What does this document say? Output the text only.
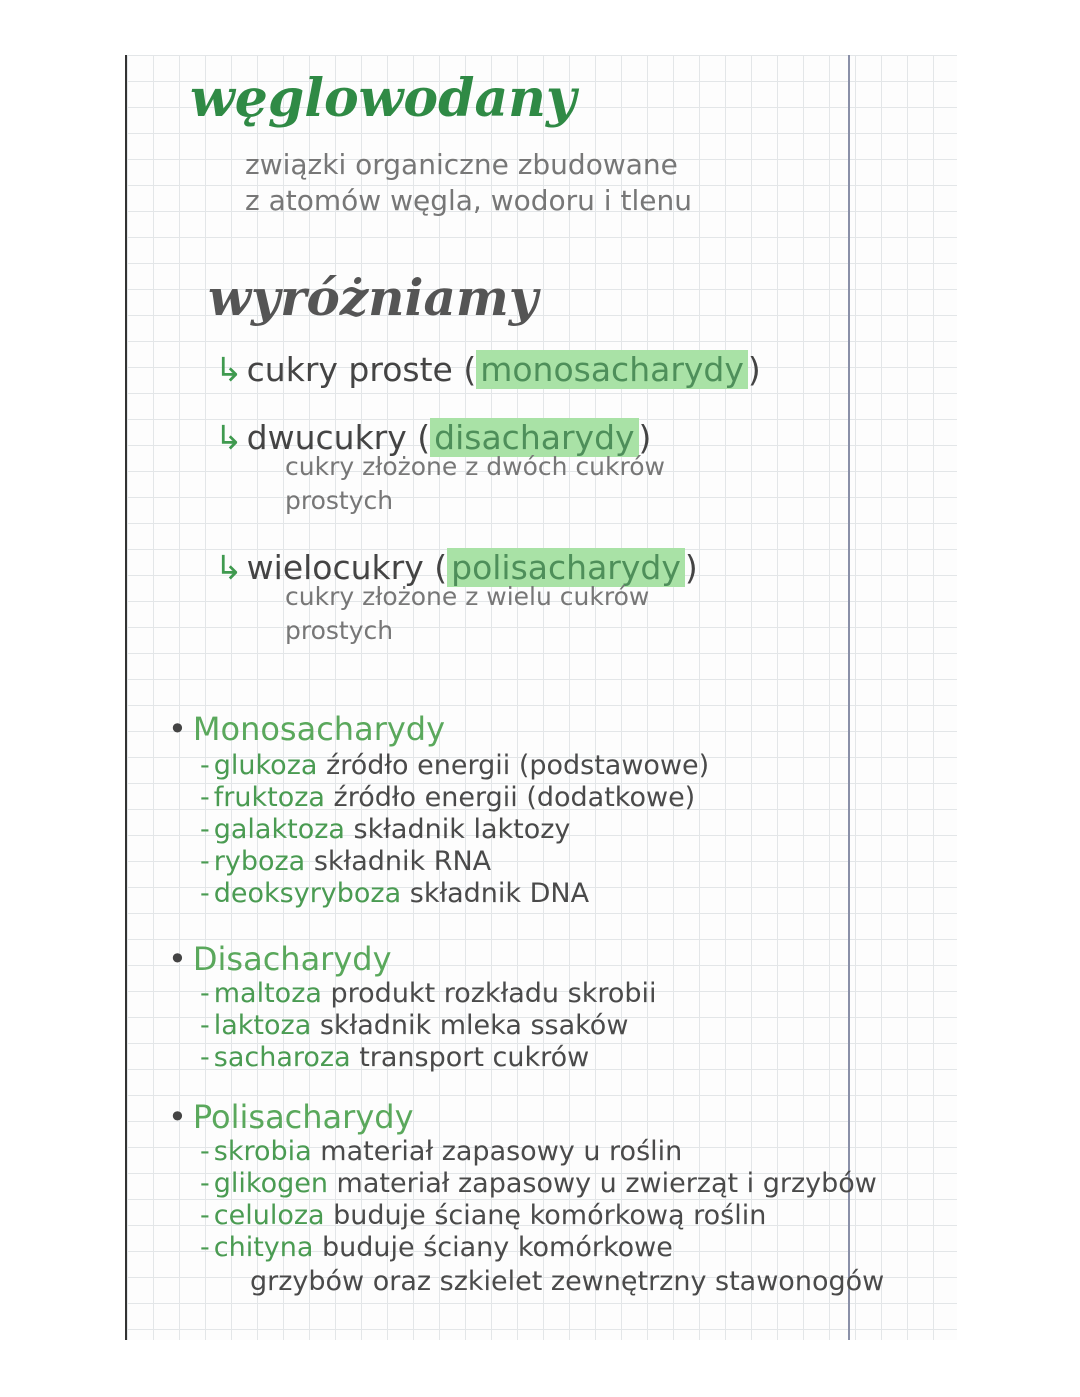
węglowodany
związki organiczne zbudowane
z atomów węgla, wodoru i tlenu
wyróżniamy
↳ cukry proste ( monosacharydy )
↳ dwucukry ( disacharydy )
cukry złożone z dwóch cukrów
prostych
↳ wielocukry ( polisacharydy )
cukry złożone z wielu cukrów
prostych
• Monosacharydy
- glukoza źródło energii (podstawowe)
- fruktoza źródło energii (dodatkowe)
- galaktoza składnik laktozy
- ryboza składnik RNA
- deoksyryboza składnik DNA
• Disacharydy
- maltoza produkt rozkładu skrobii
- laktoza składnik mleka ssaków
- sacharoza transport cukrów
• Polisacharydy
- skrobia materiał zapasowy u roślin
- glikogen materiał zapasowy u zwierząt i grzybów
- celuloza buduje ścianę komórkową roślin
- chityna buduje ściany komórkowe
grzybów oraz szkielet zewnętrzny stawonogów
